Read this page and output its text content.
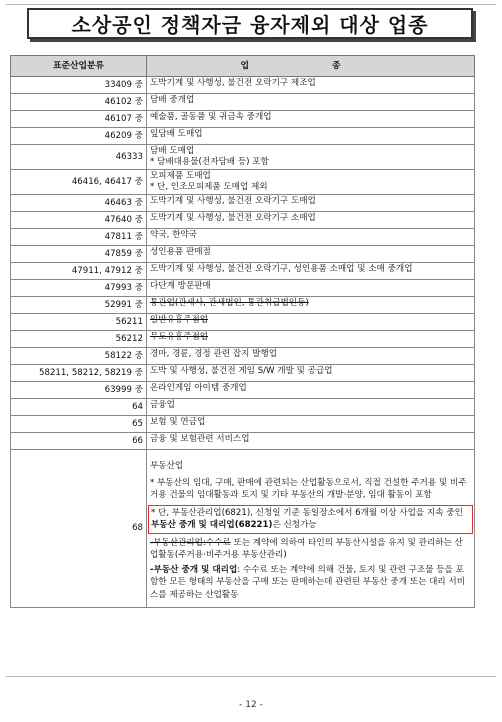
소상공인 정책자금 융자제외 대상 업종
표준산업분류	업 종
33409 중	도박기계 및 사행성, 불건전 오락기구 제조업

46102 중	담배 중개업

46107 중	예술품, 골동품 및 귀금속 중개업

46209 중	잎담배 도매업

46333	담배 도매업
* 담배대용물(전자담배 등) 포함

46416, 46417 중	모피제품 도매업
* 단, 인조모피제품 도매업 제외

46463 중	도박기계 및 사행성, 불건전 오락기구 도매업

47640 중	도박기계 및 사행성, 불건전 오락기구 소매업

47811 중	약국, 한약국

47859 중	성인용품 판매점

47911, 47912 중	도박기계 및 사행성, 불건전 오락기구, 성인용품 소매업 및 소매 중개업

47993 중	다단계 방문판매

52991 중	통관업(관세사, 관세법인, 통관취급법인등)

56211	일반유흥주점업

56212	무도유흥주점업

58122 중	경마, 경륜, 경정 관련 잡지 발행업

58211, 58212, 58219 중	도박 및 사행성, 불건전 게임 S/W 개발 및 공급업

63999 중	온라인게임 아이템 중개업

64	금융업

65	보험 및 연금업

66	금융 및 보험관련 서비스업

68	부동산업
* 부동산의 임대, 구매, 판매에 관련되는 산업활동으로서, 직접 건설한 주거용 및 비주거용 건물의 임대활동과 토지 및 기타 부동산의 개발·분양, 임대 활동이 포함
* 단, 부동산관리업(6821), 신청일 기준 동일장소에서 6개월 이상 사업을 지속 중인 부동산 중개 및 대리업(68221)은 신청가능
-부동산관리업:수수료 또는 계약에 의하여 타인의 부동산시설을 유지 및 관리하는 산업활동(주거용·비주거용 부동산관리)
-부동산 중개 및 대리업: 수수료 또는 계약에 의해 건물, 토지 및 관련 구조물 등을 포함한 모든 형태의 부동산을 구매 또는 판매하는데 관련된 부동산 중개 또는 대리 서비스를 제공하는 산업활동
- 12 -
